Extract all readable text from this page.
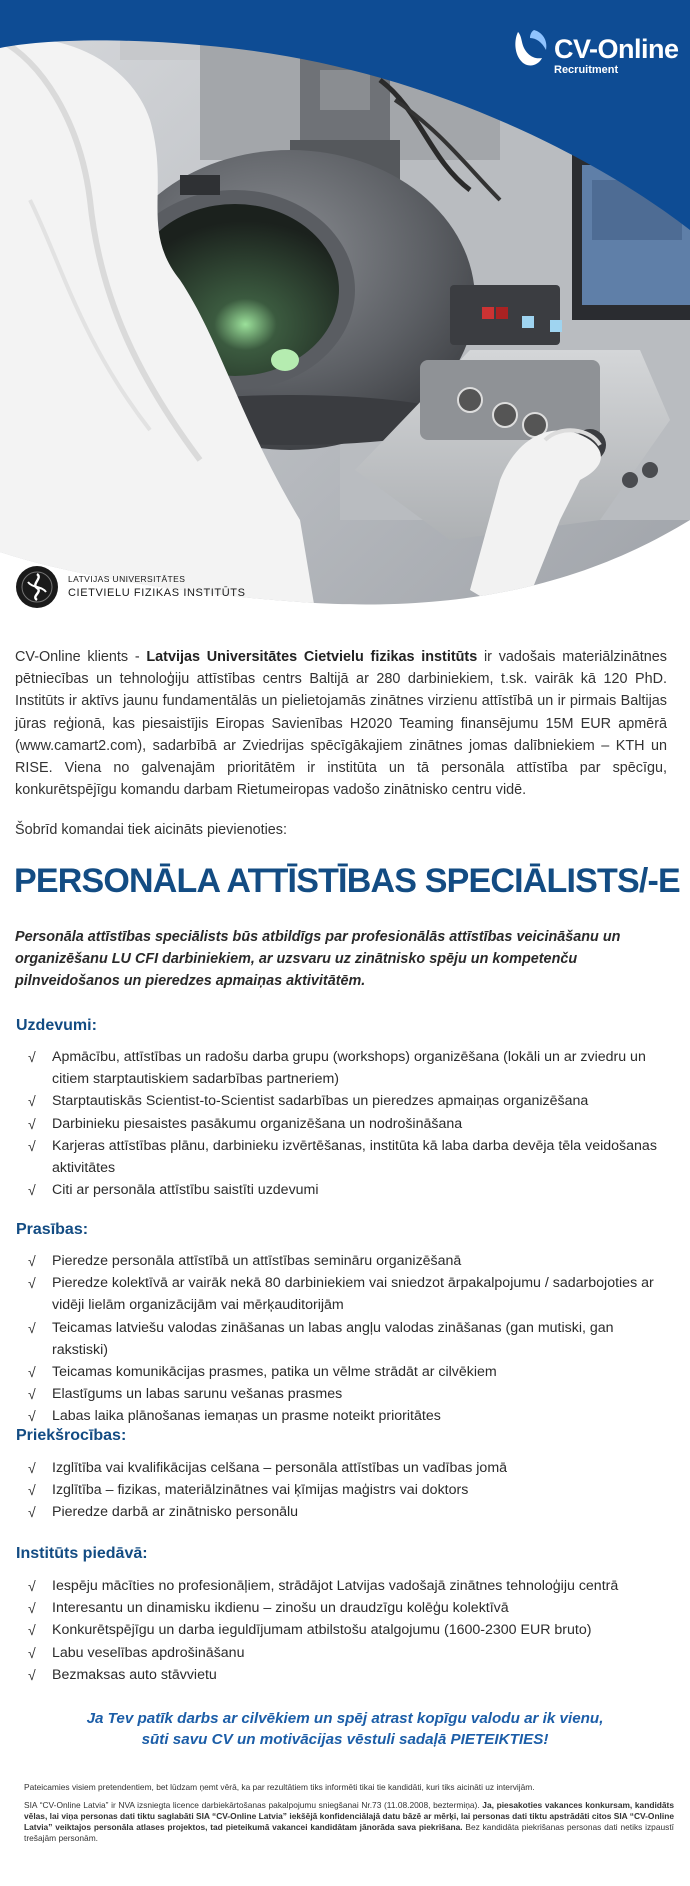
CV-Online
Recruitment
LATVIJAS UNIVERSITĀTES
CIETVIELU FIZIKAS INSTITŪTS

CV-Online klients - Latvijas Universitātes Cietvielu fizikas institūts ir vadošais materiālzinātnes pētniecības un tehnoloģiju attīstības centrs Baltijā ar 280 darbiniekiem, t.sk. vairāk kā 120 PhD. Institūts ir aktīvs jaunu fundamentālās un pielietojamās zinātnes virzienu attīstībā un ir pirmais Baltijas jūras reģionā, kas piesaistījis Eiropas Savienības H2020 Teaming finansējumu 15M EUR apmērā (www.camart2.com), sadarbībā ar Zviedrijas spēcīgākajiem zinātnes jomas dalībniekiem – KTH un RISE. Viena no galvenajām prioritātēm ir institūta un tā personāla attīstība par spēcīgu, konkurētspējīgu komandu darbam Rietumeiropas vadošo zinātnisko centru vidē.

Šobrīd komandai tiek aicināts pievienoties:
PERSONĀLA ATTĪSTĪBAS SPECIĀLISTS/-E

Personāla attīstības speciālists būs atbildīgs par profesionālās attīstības veicināšanu un organizēšanu LU CFI darbiniekiem, ar uzsvaru uz zinātnisko spēju un kompetenču pilnveidošanos un pieredzes apmaiņas aktivitātēm.

Uzdevumi:
√ Apmācību, attīstības un radošu darba grupu (workshops) organizēšana (lokāli un ar zviedru un citiem starptautiskiem sadarbības partneriem)
√ Starptautiskās Scientist-to-Scientist sadarbības un pieredzes apmaiņas organizēšana
√ Darbinieku piesaistes pasākumu organizēšana un nodrošināšana
√ Karjeras attīstības plānu, darbinieku izvērtēšanas, institūta kā laba darba devēja tēla veidošanas aktivitātes
√ Citi ar personāla attīstību saistīti uzdevumi
Prasības:
√ Pieredze personāla attīstībā un attīstības semināru organizēšanā
√ Pieredze kolektīvā ar vairāk nekā 80 darbiniekiem vai sniedzot ārpakalpojumu / sadarbojoties ar vidēji lielām organizācijām vai mērķauditorijām
√ Teicamas latviešu valodas zināšanas un labas angļu valodas zināšanas (gan mutiski, gan rakstiski)
√ Teicamas komunikācijas prasmes, patika un vēlme strādāt ar cilvēkiem
√ Elastīgums un labas sarunu vešanas prasmes
√ Labas laika plānošanas iemaņas un prasme noteikt prioritātes
Priekšrocības:
√ Izglītība vai kvalifikācijas celšana – personāla attīstības un vadības jomā
√ Izglītība – fizikas, materiālzinātnes vai ķīmijas maģistrs vai doktors
√ Pieredze darbā ar zinātnisko personālu
Institūts piedāvā:
√ Iespēju mācīties no profesionāļiem, strādājot Latvijas vadošajā zinātnes tehnoloģiju centrā
√ Interesantu un dinamisku ikdienu – zinošu un draudzīgu kolēģu kolektīvā
√ Konkurētspējīgu un darba ieguldījumam atbilstošu atalgojumu (1600-2300 EUR bruto)
√ Labu veselības apdrošināšanu
√ Bezmaksas auto stāvvietu
Ja Tev patīk darbs ar cilvēkiem un spēj atrast kopīgu valodu ar ik vienu,
sūti savu CV un motivācijas vēstuli sadaļā PIETEIKTIES!

Pateicamies visiem pretendentiem, bet lūdzam ņemt vērā, ka par rezultātiem tiks informēti tikai tie kandidāti, kuri tiks aicināti uz intervijām.

SIA “CV-Online Latvia” ir NVA izsniegta licence darbiekārtošanas pakalpojumu sniegšanai Nr.73 (11.08.2008, beztermiņa). Ja, piesakoties vakances konkursam, kandidāts vēlas, lai viņa personas dati tiktu saglabāti SIA “CV-Online Latvia” iekšējā konfidenciālajā datu bāzē ar mērķi, lai personas dati tiktu apstrādāti citos SIA “CV-Online Latvia” veiktajos personāla atlases projektos, tad pieteikumā vakancei kandidātam jānorāda sava piekrišana. Bez kandidāta piekrišanas personas dati netiks izpaustī trešajām personām.
